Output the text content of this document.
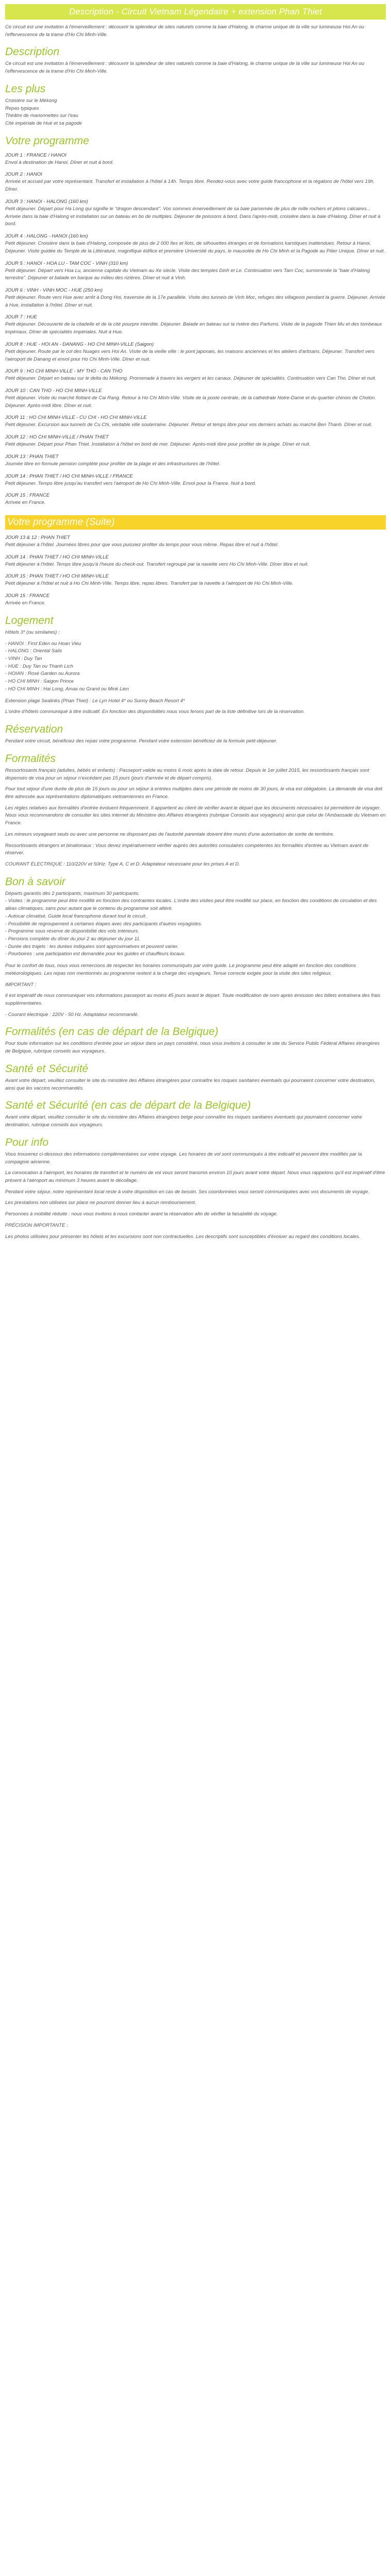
Description - Circuit Vietnam Légendaire + extension Phan Thiet

Ce circuit est une invitation à l'émerveillement : découvrir la splendeur de sites naturels comme la baie d'Halong, le charme unique de la ville sur lumineuse Hoi An ou l'effervescence de la trame d'Ho Chi Minh-Ville.

Description

Ce circuit est une invitation à l'émerveillement : découvrir la splendeur de sites naturels comme la baie d'Halong, le charme unique de la ville sur lumineuse Hoi An ou l'effervescence de la trame d'Ho Chi Minh-Ville.

Les plus
Croisière sur le Mékong
Repas typiques
Théâtre de marionnettes sur l'eau
Cité impériale de Hué et sa pagode
Votre programme
JOUR 1 : FRANCE / HANOI

Envol à destination de Hanoi. Dîner et nuit à bord.

JOUR 2 : HANOI

Arrivée et accueil par votre représentant. Transfert et installation à l'hôtel à 14h. Temps libre. Rendez-vous avec votre guide francophone et la régalons de l'hôtel vers 19h. Dîner.

JOUR 3 : HANOI - HALONG (160 km)

Petit déjeuner. Départ pour Ha Long qui signifie le "dragon descendant". Vos sommes émerveillement de sa baie parsemée de plus de mille rochers et pitons calcaires... Arrivée dans la baie d'Halong et installation sur un bateau en bo de multiples. Déjeuner de poissons à bord. Dans l'après-midi, croisière dans la baie d'Halong. Dîner et nuit à bord.

JOUR 4 : HALONG - HANOI (160 km)

Petit déjeuner. Croisière dans la baie d'Halong, composée de plus de 2 000 îles et îlots, de silhouettes étranges et de formations karstiques inattendues. Retour à Hanoi. Déjeuner. Visite guidée du Temple de la Littérature, magnifique édifice et première Université du pays, le mausolée de Ho Chi Minh et la Pagode au Pilier Unique. Dîner et nuit.

JOUR 5 : HANOI - HOA LU - TAM COC - VINH (310 km)

Petit déjeuner. Départ vers Hoa Lu, ancienne capitale du Vietnam au Xe siècle. Visite des temples Dinh et Le. Continuation vers Tam Coc, surnommée la "baie d'Halong terrestre". Déjeuner et balade en barque au milieu des rizières. Dîner et nuit à Vinh.

JOUR 6 : VINH - VINH MOC - HUE (250 km)

Petit déjeuner. Route vers Hue avec arrêt à Dong Hoi, traversée de la 17e parallèle. Visite des tunnels de Vinh Moc, refuges des villageois pendant la guerre. Déjeuner. Arrivée à Hue, installation à l'hôtel. Dîner et nuit.

JOUR 7 : HUE

Petit déjeuner. Découverte de la citadelle et de la cité pourpre interdite. Déjeuner. Balade en bateau sur la rivière des Parfums. Visite de la pagode Thien Mu et des tombeaux impériaux. Dîner de spécialités impériales. Nuit à Hue.

JOUR 8 : HUE - HOI AN - DANANG - HO CHI MINH-VILLE (Saigon)

Petit déjeuner. Route par le col des Nuages vers Hoi An. Visite de la vieille ville : le pont japonais, les maisons anciennes et les ateliers d'artisans. Déjeuner. Transfert vers l'aéroport de Danang et envol pour Ho Chi Minh-Ville. Dîner et nuit.

JOUR 9 : HO CHI MINH-VILLE - MY THO - CAN THO

Petit déjeuner. Départ en bateau sur le delta du Mékong. Promenade à travers les vergers et les canaux. Déjeuner de spécialités. Continuation vers Can Tho. Dîner et nuit.

JOUR 10 : CAN THO - HO CHI MINH-VILLE

Petit déjeuner. Visite du marché flottant de Cai Rang. Retour à Ho Chi Minh-Ville. Visite de la poste centrale, de la cathédrale Notre-Dame et du quartier chinois de Cholon. Déjeuner. Après-midi libre. Dîner et nuit.

JOUR 11 : HO CHI MINH-VILLE - CU CHI - HO CHI MINH-VILLE

Petit déjeuner. Excursion aux tunnels de Cu Chi, véritable ville souterraine. Déjeuner. Retour et temps libre pour vos derniers achats au marché Ben Thanh. Dîner et nuit.

JOUR 12 : HO CHI MINH-VILLE / PHAN THIET

Petit déjeuner. Départ pour Phan Thiet. Installation à l'hôtel en bord de mer. Déjeuner. Après-midi libre pour profiter de la plage. Dîner et nuit.

JOUR 13 : PHAN THIET

Journée libre en formule pension complète pour profiter de la plage et des infrastructures de l'hôtel.

JOUR 14 : PHAN THIET / HO CHI MINH-VILLE / FRANCE

Petit déjeuner. Temps libre jusqu'au transfert vers l'aéroport de Ho Chi Minh-Ville. Envol pour la France. Nuit à bord.

JOUR 15 : FRANCE

Arrivée en France.

Votre programme (Suite)
JOUR 13 & 12 : PHAN THIET

Petit déjeuner à l'hôtel. Journées libres pour que vous puissiez profiter du temps pour vous même. Repas libre et nuit à l'hôtel.

JOUR 14 : PHAN THIET / HO CHI MINH-VILLE

Petit déjeuner à l'hôtel. Temps libre jusqu'à l'heure du check-out. Transfert regroupé par la navette vers Ho Chi Minh-Ville. Dîner libre et nuit.

JOUR 15 : PHAN THIET / HO CHI MINH-VILLE

Petit déjeuner à l'hôtel et nuit à Ho Chi Minh-Ville. Temps libre, repas libres. Transfert par la navette à l'aéroport de Ho Chi Minh-Ville.

JOUR 15 : FRANCE

Arrivée en France.

Logement

Hôtels 3* (ou similaires) :

- HANOI : First Eden ou Hoan Vieu
- HALONG : Oriental Sails
- VINH : Duy Tan
- HUE : Duy Tan ou Thanh Lich
- HOIAN : Rosé Garden ou Aurora
- HO CHI MINH : Saigon Prince
- HO CHI MINH : Hai Long, Amax ou Grand ou Mink Lien

Extension plage Sealinks (Phan Thiet) : Le Lyn Hotel 4* ou Sunny Beach Resort 4*

L'ordre d'hôtels communiqué à titre indicatif. En fonction des disponibilités nous vous ferons part de la liste définitive lors de la réservation.

Réservation

Pendant votre circuit, bénéficiez des repas votre programme. Pendant votre extension bénéficiez de la formule petit-déjeuner.

Formalités

Ressortissants français (adultes, bébés et enfants) : Passeport valide au moins 6 mois après la date de retour. Depuis le 1er juillet 2015, les ressortissants français sont dispensés de visa pour un séjour n'excédant pas 15 jours (jours d'arrivée et de départ compris).

Pour tout séjour d'une durée de plus de 15 jours ou pour un séjour à entrées multiples dans une période de moins de 30 jours, le visa est obligatoire. La demande de visa doit être adressée aux représentations diplomatiques vietnamiennes en France.

Les règles relatives aux formalités d'entrée évoluent fréquemment. Il appartient au client de vérifier avant le départ que les documents nécessaires lui permettent de voyager. Nous vous recommandons de consulter les sites internet du Ministère des Affaires étrangères (rubrique Conseils aux voyageurs) ainsi que celui de l'Ambassade du Vietnam en France.

Les mineurs voyageant seuls ou avec une personne ne disposant pas de l'autorité parentale doivent être munis d'une autorisation de sortie de territoire.

Ressortissants étrangers et binationaux : Vous devez impérativement vérifier auprès des autorités consulaires compétentes les formalités d'entrée au Vietnam avant de réserver.

COURANT ÉLECTRIQUE : 110/220V et 50Hz. Type A, C et D. Adaptateur nécessaire pour les prises A et D.

Bon à savoir
Départs garantis dès 2 participants, maximum 30 participants.
- Visites : le programme peut être modifié en fonction des contraintes locales. L'ordre des visites peut être modifié sur place, en fonction des conditions de circulation et des aléas climatiques, sans pour autant que le contenu du programme soit altéré.
- Autocar climatisé. Guide local francophone durant tout le circuit.
- Possibilité de regroupement à certaines étapes avec des participants d'autres voyagistes.
- Programme sous réserve de disponibilité des vols intérieurs.
- Pensions complète du dîner du jour 2 au déjeuner du jour 11.
- Durée des trajets : les durées indiquées sont approximatives et peuvent varier.
- Pourboires : une participation est demandée pour les guides et chauffeurs locaux.

Pour le confort de tous, nous vous remercions de respecter les horaires communiqués par votre guide. Le programme peut être adapté en fonction des conditions météorologiques. Les repas non mentionnés au programme restent à la charge des voyageurs. Tenue correcte exigée pour la visite des sites religieux.

IMPORTANT :

Il est impératif de nous communiquer vos informations passeport au moins 45 jours avant le départ. Toute modification de nom après émission des billets entraînera des frais supplémentaires.

- Courant électrique : 220V - 50 Hz. Adaptateur recommandé.

Formalités (en cas de départ de la Belgique)

Pour toute information sur les conditions d'entrée pour un séjour dans un pays considéré, nous vous invitons à consulter le site du Service Public Fédéral Affaires étrangères de Belgique, rubrique conseils aux voyageurs.

Santé et Sécurité

Avant votre départ, veuillez consulter le site du ministère des Affaires étrangères pour connaître les risques sanitaires éventuels qui pourraient concerner votre destination, ainsi que les vaccins recommandés.

Santé et Sécurité (en cas de départ de la Belgique)

Avant votre départ, veuillez consulter le site du ministère des Affaires étrangères belge pour connaître les risques sanitaires éventuels qui pourraient concerner votre destination, rubrique conseils aux voyageurs.

Pour info

Vous trouverez ci-dessous des informations complémentaires sur votre voyage. Les horaires de vol sont communiqués à titre indicatif et peuvent être modifiés par la compagnie aérienne.

La convocation à l'aéroport, les horaires de transfert et le numéro de vol vous seront transmis environ 10 jours avant votre départ. Nous vous rappelons qu'il est impératif d'être présent à l'aéroport au minimum 3 heures avant le décollage.

Pendant votre séjour, notre représentant local reste à votre disposition en cas de besoin. Ses coordonnées vous seront communiquées avec vos documents de voyage.

Les prestations non utilisées sur place ne pourront donner lieu à aucun remboursement.

Personnes à mobilité réduite : nous vous invitons à nous contacter avant la réservation afin de vérifier la faisabilité du voyage.

PRÉCISION IMPORTANTE :

Les photos utilisées pour présenter les hôtels et les excursions sont non contractuelles. Les descriptifs sont susceptibles d'évoluer au regard des conditions locales.
